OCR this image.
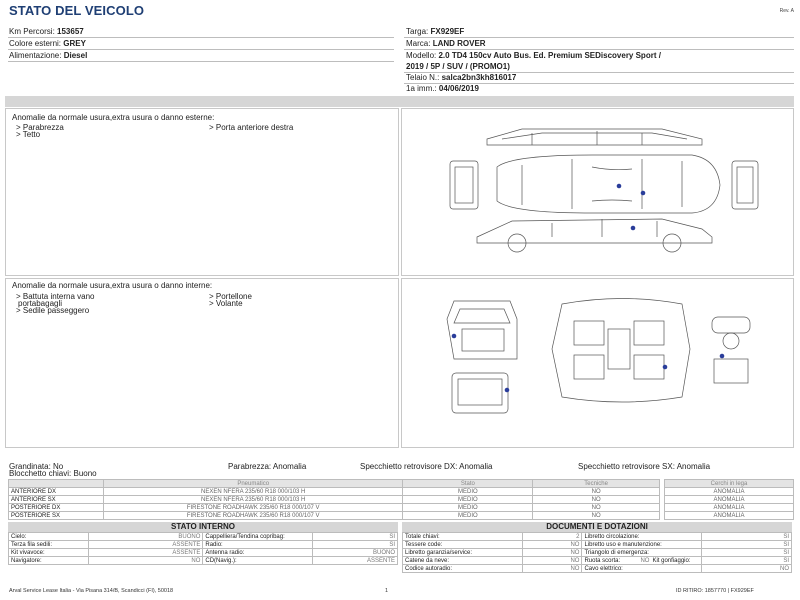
STATO DEL VEICOLO	Rev. A
Km Percorsi: 153657
Colore esterni: GREY
Alimentazione: Diesel
Targa: FX929EF
Marca: LAND ROVER
Modello: 2.0 TD4 150cv Auto Bus. Ed. Premium SEDiscovery Sport /
2019 / 5P / SUV / (PROMO1)
Telaio N.: salca2bn3kh816017
1a imm.: 04/06/2019
Anomalie da normale usura,extra usura o danno esterne:
> Parabrezza
> Tetto
> Porta anteriore destra
Anomalie da normale usura,extra usura o danno interne:
> Battuta interna vano
portabagagli
> Sedile passeggero
> Portellone
> Volante
Grandinata: No
Blocchetto chiavi: Buono
Parabrezza: Anomalia	Specchietto retrovisore DX: Anomalia	Specchietto retrovisore SX: Anomalia
	Pneumatico	Stato	Tecniche
ANTERIORE DX	NEXEN NFERA 235/60 R18 000/103 H	MEDIO	NO
ANTERIORE SX	NEXEN NFERA 235/60 R18 000/103 H	MEDIO	NO
POSTERIORE DX	FIRESTONE ROADHAWK 235/60 R18 000/107 V	MEDIO	NO
POSTERIORE SX	FIRESTONE ROADHAWK 235/60 R18 000/107 V	MEDIO	NO
Cerchi in lega
ANOMALIA
ANOMALIA
ANOMALIA
ANOMALIA
STATO INTERNO
Cielo:	BUONO	Cappelliera/Tendina copribag:	SI
Terza fila sedili:	ASSENTE	Radio:	SI
Kit vivavoce:	ASSENTE	Antenna radio:	BUONO
Navigatore:	NO	CD(Navig.):	ASSENTE
DOCUMENTI E DOTAZIONI
Totale chiavi:	2	Libretto circolazione:	SI
Tessere code:	NO	Libretto uso e manutenzione:	SI
Libretto garanzia/service:	NO	Triangolo di emergenza:	SI
Catene da neve:	NO	Ruota scorta: NO Kit gonfiaggio:	SI
Codice autoradio:	NO	Cavo elettrico:	NO
Arval Service Lease Italia - Via Pisana 314/B, Scandicci (FI), 50018	1	ID RITIRO: 1857770 | FX929EF
